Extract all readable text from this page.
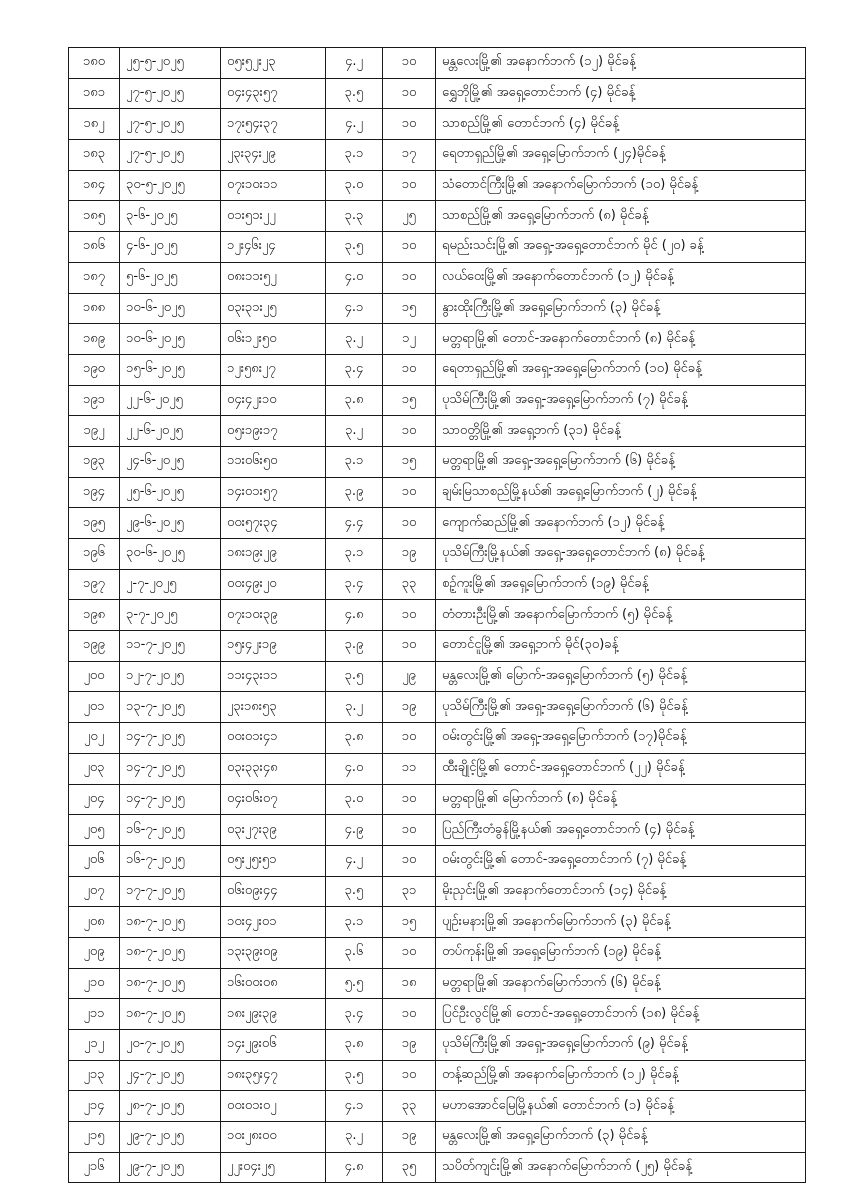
၁၈၀	၂၅-၅-၂၀၂၅	၀၅း၅၂း၂၃	၄.၂	၁၀	မန္တလေးမြို့၏ အနောက်ဘက် (၁၂) မိုင်ခန့်
၁၈၁	၂၇-၅-၂၀၂၅	၀၄း၄၃း၅၇	၃.၅	၁၀	ရွှေဘိုမြို့၏ အရှေ့တောင်ဘက် (၄) မိုင်ခန့်
၁၈၂	၂၇-၅-၂၀၂၅	၁၇း၅၄း၃၇	၄.၂	၁၀	သာစည်မြို့၏ တောင်ဘက် (၄) မိုင်ခန့်
၁၈၃	၂၇-၅-၂၀၂၅	၂၃း၃၄း၂၉	၃.၁	၁၇	ရေတာရှည်မြို့၏ အရှေ့မြောက်ဘက် (၂၄)မိုင်ခန့်
၁၈၄	၃၀-၅-၂၀၂၅	၀၇း၁၀း၁၁	၃.၀	၁၀	သံတောင်ကြီးမြို့၏ အနောက်မြောက်ဘက် (၁၀) မိုင်ခန့်
၁၈၅	၃-၆-၂၀၂၅	၀၁း၅၁း၂၂	၃.၃	၂၅	သာစည်မြို့၏ အရှေ့မြောက်ဘက် (၈) မိုင်ခန့်
၁၈၆	၄-၆-၂၀၂၅	၁၂း၄၆း၂၄	၃.၅	၁၀	ရမည်းသင်းမြို့၏ အရှေ့-အရှေ့တောင်ဘက် မိုင် (၂၀) ခန့်
၁၈၇	၅-၆-၂၀၂၅	၀၈း၁၁း၅၂	၄.၀	၁၀	လယ်ဝေးမြို့၏ အနောက်တောင်ဘက် (၁၂) မိုင်ခန့်
၁၈၈	၁၀-၆-၂၀၂၅	၀၃း၃၁း၂၅	၄.၁	၁၅	နွားထိုးကြီးမြို့၏ အရှေ့မြောက်ဘက် (၃) မိုင်ခန့်
၁၈၉	၁၀-၆-၂၀၂၅	၀၆း၁၂း၅၀	၃.၂	၁၂	မတ္တရာမြို့၏ တောင်-အနောက်တောင်ဘက် (၈) မိုင်ခန့်
၁၉၀	၁၅-၆-၂၀၂၅	၁၂း၅၈း၂၇	၃.၄	၁၀	ရေတာရှည်မြို့၏ အရှေ့-အရှေ့မြောက်ဘက် (၁၀) မိုင်ခန့်
၁၉၁	၂၂-၆-၂၀၂၅	၀၄း၄၂း၁၀	၃.၈	၁၅	ပုသိမ်ကြီးမြို့၏ အရှေ့-အရှေ့မြောက်ဘက် (၇) မိုင်ခန့်
၁၉၂	၂၂-၆-၂၀၂၅	၀၅း၁၉း၁၇	၃.၂	၁၀	သာဝတ္တိမြို့၏ အရှေ့ဘက် (၃၁) မိုင်ခန့်
၁၉၃	၂၄-၆-၂၀၂၅	၁၁း၀၆း၅၀	၃.၁	၁၅	မတ္တရာမြို့၏ အရှေ့-အရှေ့မြောက်ဘက် (၆) မိုင်ခန့်
၁၉၄	၂၅-၆-၂၀၂၅	၁၄း၀၁း၅၇	၃.၉	၁၀	ချမ်းမြသာစည်မြို့နယ်၏ အရှေ့မြောက်ဘက် (၂) မိုင်ခန့်
၁၉၅	၂၉-၆-၂၀၂၅	၀၀း၅၇း၃၄	၄.၄	၁၀	ကျောက်ဆည်မြို့၏ အနောက်ဘက် (၁၂) မိုင်ခန့်
၁၉၆	၃၀-၆-၂၀၂၅	၁၈း၁၉း၂၉	၃.၁	၁၉	ပုသိမ်ကြီးမြို့နယ်၏ အရှေ့-အရှေ့တောင်ဘက် (၈) မိုင်ခန့်
၁၉၇	၂-၇-၂၀၂၅	၀၀း၄၉း၂၀	၃.၄	၃၃	စဉ့်ကူးမြို့၏ အရှေ့မြောက်ဘက် (၁၉) မိုင်ခန့်
၁၉၈	၃-၇-၂၀၂၅	၀၇း၁၀း၃၉	၄.၈	၁၀	တံတားဦးမြို့၏ အနောက်မြောက်ဘက် (၅) မိုင်ခန့်
၁၉၉	၁၁-၇-၂၀၂၅	၁၅း၄၂း၁၉	၃.၉	၁၀	တောင်ငူမြို့၏ အရှေ့ဘက် မိုင်(၃၀)ခန့်
၂၀၀	၁၂-၇-၂၀၂၅	၁၁း၄၃း၁၁	၃.၅	၂၉	မန္တလေးမြို့၏ မြောက်-အရှေ့မြောက်ဘက် (၅) မိုင်ခန့်
၂၀၁	၁၃-၇-၂၀၂၅	၂၃း၁၈း၅၃	၃.၂	၁၉	ပုသိမ်ကြီးမြို့၏ အရှေ့-အရှေ့မြောက်ဘက် (၆) မိုင်ခန့်
၂၀၂	၁၄-၇-၂၀၂၅	၀၀း၀၁း၄၁	၃.၈	၁၀	ဝမ်းတွင်းမြို့၏ အရှေ့-အရှေ့မြောက်ဘက် (၁၇)မိုင်ခန့်
၂၀၃	၁၄-၇-၂၀၂၅	၀၃း၃၃း၄၈	၄.၀	၁၁	ထီးချိုင့်မြို့၏ တောင်-အရှေ့တောင်ဘက် (၂၂) မိုင်ခန့်
၂၀၄	၁၄-၇-၂၀၂၅	၀၄း၀၆း၀၇	၃.၀	၁၀	မတ္တရာမြို့၏ မြောက်ဘက် (၈) မိုင်ခန့်
၂၀၅	၁၆-၇-၂၀၂၅	၀၃း၂၇း၃၉	၄.၉	၁၀	ပြည်ကြီးတံခွန်မြို့နယ်၏ အရှေ့တောင်ဘက် (၄) မိုင်ခန့်
၂၀၆	၁၆-၇-၂၀၂၅	၀၅း၂၅း၅၁	၄.၂	၁၀	ဝမ်းတွင်းမြို့၏ တောင်-အရှေ့တောင်ဘက် (၇) မိုင်ခန့်
၂၀၇	၁၇-၇-၂၀၂၅	၀၆း၀၉း၄၄	၃.၅	၃၁	မိုးညှင်းမြို့၏ အနောက်တောင်ဘက် (၁၄) မိုင်ခန့်
၂၀၈	၁၈-၇-၂၀၂၅	၁၀း၄၂း၀၁	၃.၁	၁၅	ပျဉ်းမနားမြို့၏ အနောက်မြောက်ဘက် (၃) မိုင်ခန့်
၂၀၉	၁၈-၇-၂၀၂၅	၁၃း၃၉း၀၉	၃.၆	၁၀	တပ်ကုန်းမြို့၏ အရှေ့မြောက်ဘက် (၁၉) မိုင်ခန့်
၂၁၀	၁၈-၇-၂၀၂၅	၁၆း၀၀း၀၈	၅.၅	၁၈	မတ္တရာမြို့၏ အနောက်မြောက်ဘက် (၆) မိုင်ခန့်
၂၁၁	၁၈-၇-၂၀၂၅	၁၈း၂၉း၃၉	၃.၄	၁၀	ပြင်ဦးလွင်မြို့၏ တောင်-အရှေ့တောင်ဘက် (၁၈) မိုင်ခန့်
၂၁၂	၂၀-၇-၂၀၂၅	၁၄း၂၉း၀၆	၃.၈	၁၉	ပုသိမ်ကြီးမြို့၏ အရှေ့-အရှေ့မြောက်ဘက် (၉) မိုင်ခန့်
၂၁၃	၂၄-၇-၂၀၂၅	၁၈း၃၅း၄၇	၃.၅	၁၀	တန့်ဆည်မြို့၏ အနောက်မြောက်ဘက် (၁၂) မိုင်ခန့်
၂၁၄	၂၈-၇-၂၀၂၅	၀၀း၀၁း၀၂	၄.၁	၃၃	မဟာအောင်မြေမြို့နယ်၏ တောင်ဘက် (၁) မိုင်ခန့်
၂၁၅	၂၉-၇-၂၀၂၅	၁၀း၂၈း၀၀	၃.၂	၁၉	မန္တလေးမြို့၏ အရှေ့မြောက်ဘက် (၃) မိုင်ခန့်
၂၁၆	၂၉-၇-၂၀၂၅	၂၂း၀၄း၂၅	၄.၈	၃၅	သပိတ်ကျင်းမြို့၏ အနောက်မြောက်ဘက် (၂၅) မိုင်ခန့်
